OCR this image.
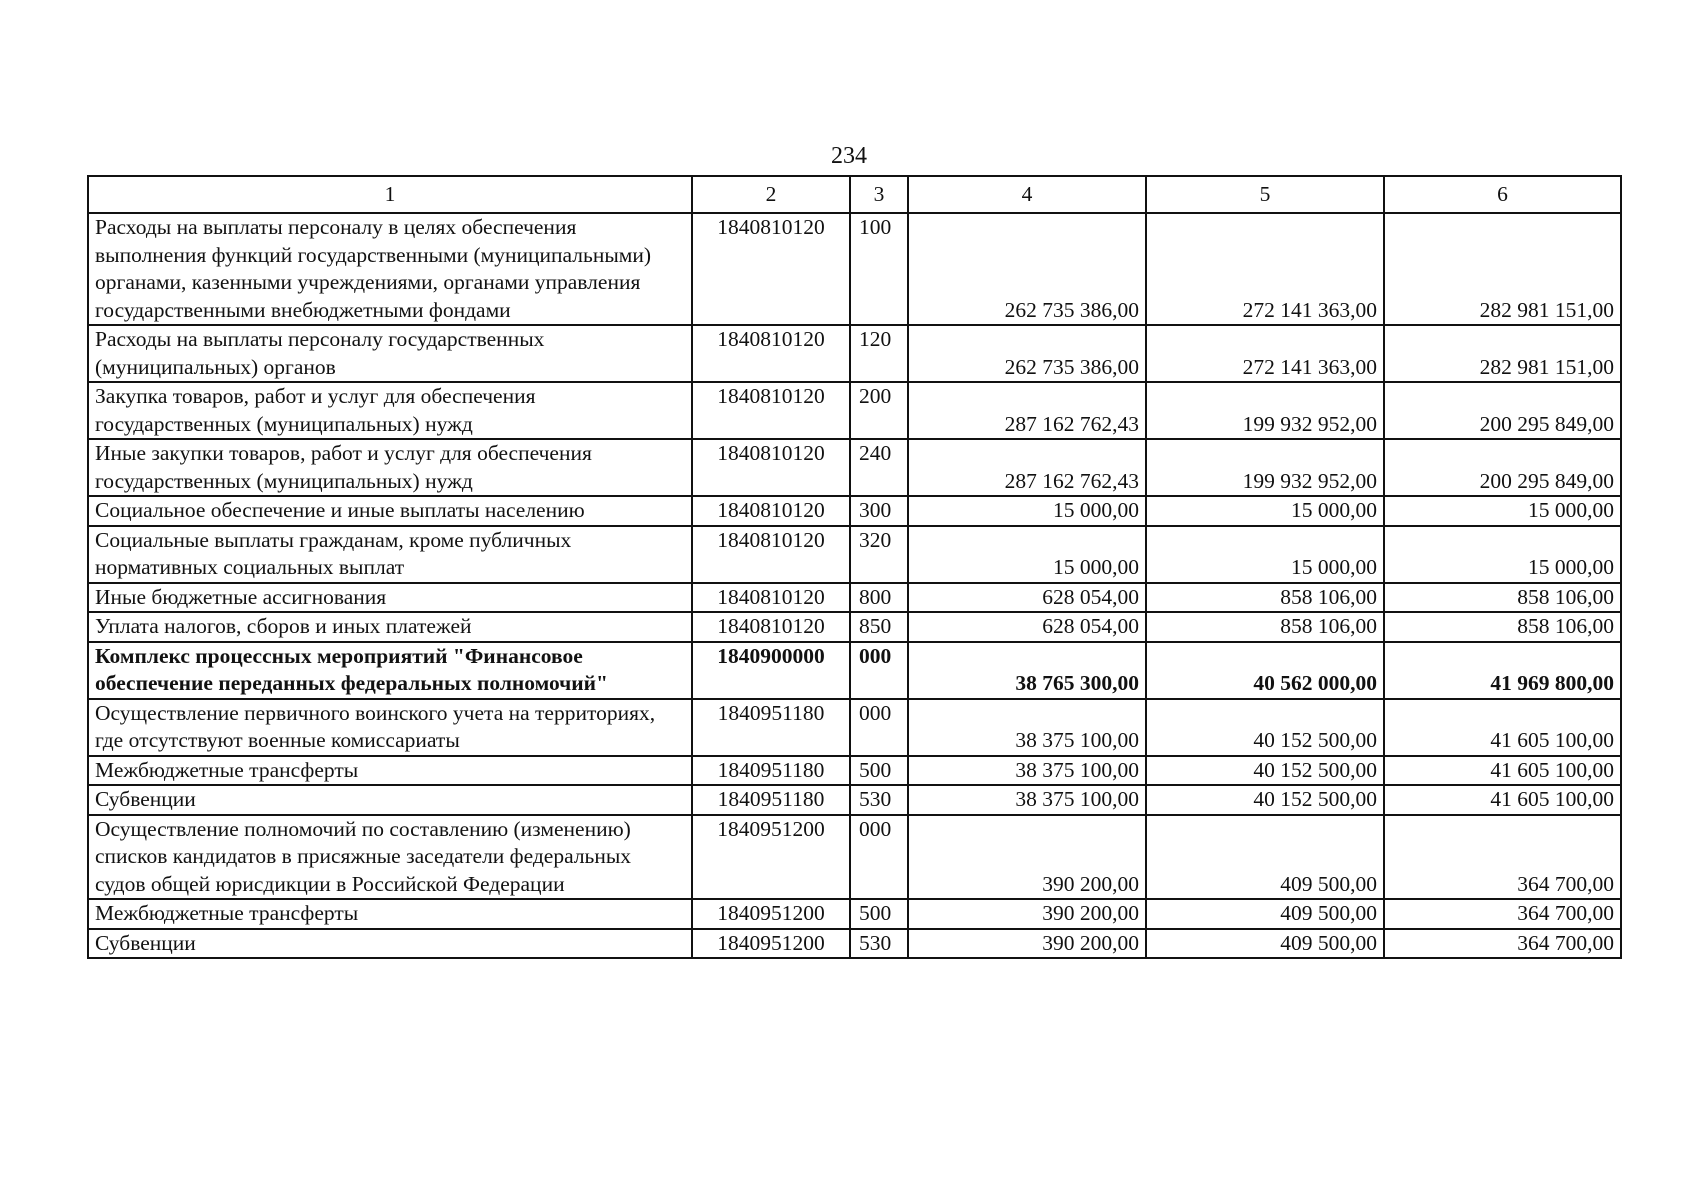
234
1	2	3	4	5	6
Расходы на выплаты персоналу в целях обеспечения выполнения функций государственными (муниципальными) органами, казенными учреждениями, органами управления государственными внебюджетными фондами	1840810120	100	262 735 386,00	272 141 363,00	282 981 151,00
Расходы на выплаты персоналу государственных (муниципальных) органов	1840810120	120	262 735 386,00	272 141 363,00	282 981 151,00
Закупка товаров, работ и услуг для обеспечения государственных (муниципальных) нужд	1840810120	200	287 162 762,43	199 932 952,00	200 295 849,00
Иные закупки товаров, работ и услуг для обеспечения государственных (муниципальных) нужд	1840810120	240	287 162 762,43	199 932 952,00	200 295 849,00
Социальное обеспечение и иные выплаты населению	1840810120	300	15 000,00	15 000,00	15 000,00
Социальные выплаты гражданам, кроме публичных нормативных социальных выплат	1840810120	320	15 000,00	15 000,00	15 000,00
Иные бюджетные ассигнования	1840810120	800	628 054,00	858 106,00	858 106,00
Уплата налогов, сборов и иных платежей	1840810120	850	628 054,00	858 106,00	858 106,00
Комплекс процессных мероприятий "Финансовое обеспечение переданных федеральных полномочий"	1840900000	000	38 765 300,00	40 562 000,00	41 969 800,00
Осуществление первичного воинского учета на территориях, где отсутствуют военные комиссариаты	1840951180	000	38 375 100,00	40 152 500,00	41 605 100,00
Межбюджетные трансферты	1840951180	500	38 375 100,00	40 152 500,00	41 605 100,00
Субвенции	1840951180	530	38 375 100,00	40 152 500,00	41 605 100,00
Осуществление полномочий по составлению (изменению) списков кандидатов в присяжные заседатели федеральных судов общей юрисдикции в Российской Федерации	1840951200	000	390 200,00	409 500,00	364 700,00
Межбюджетные трансферты	1840951200	500	390 200,00	409 500,00	364 700,00
Субвенции	1840951200	530	390 200,00	409 500,00	364 700,00
